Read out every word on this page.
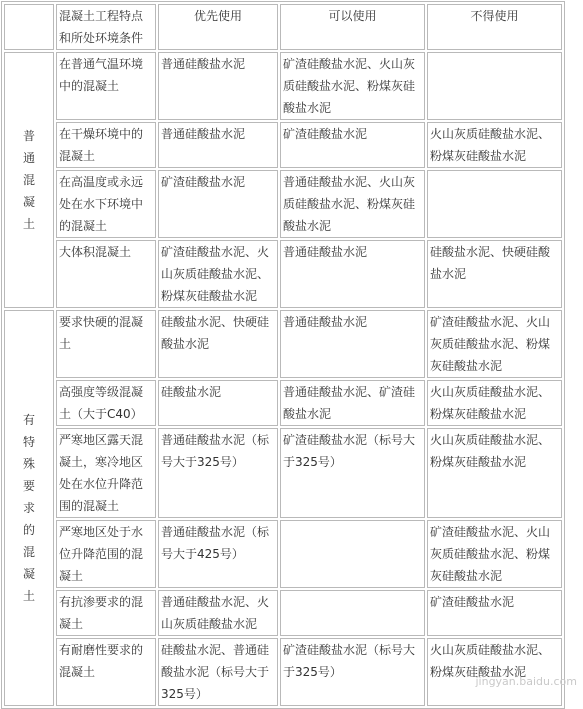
	混凝土工程特点和所处环境条件	优先使用	可以使用	不得使用

普通混凝土	在普通气温环境中的混凝土	普通硅酸盐水泥	矿渣硅酸盐水泥、火山灰质硅酸盐水泥、粉煤灰硅酸盐水泥	
	在干燥环境中的混凝土	普通硅酸盐水泥	矿渣硅酸盐水泥	火山灰质硅酸盐水泥、粉煤灰硅酸盐水泥
	在高温度或永远处在水下环境中的混凝土	矿渣硅酸盐水泥	普通硅酸盐水泥、火山灰质硅酸盐水泥、粉煤灰硅酸盐水泥	
	大体积混凝土	矿渣硅酸盐水泥、火山灰质硅酸盐水泥、粉煤灰硅酸盐水泥	普通硅酸盐水泥	硅酸盐水泥、快硬硅酸盐水泥

有特殊要求的混凝土	要求快硬的混凝土	硅酸盐水泥、快硬硅酸盐水泥	普通硅酸盐水泥	矿渣硅酸盐水泥、火山灰质硅酸盐水泥、粉煤灰硅酸盐水泥
	高强度等级混凝土（大于C40）	硅酸盐水泥	普通硅酸盐水泥、矿渣硅酸盐水泥	火山灰质硅酸盐水泥、粉煤灰硅酸盐水泥
	严寒地区露天混凝土，寒冷地区处在水位升降范围的混凝土	普通硅酸盐水泥（标号大于325号）	矿渣硅酸盐水泥（标号大于325号）	火山灰质硅酸盐水泥、粉煤灰硅酸盐水泥
	严寒地区处于水位升降范围的混凝土	普通硅酸盐水泥（标号大于425号）		矿渣硅酸盐水泥、火山灰质硅酸盐水泥、粉煤灰硅酸盐水泥
	有抗渗要求的混凝土	普通硅酸盐水泥、火山灰质硅酸盐水泥		矿渣硅酸盐水泥
	有耐磨性要求的混凝土	硅酸盐水泥、普通硅酸盐水泥（标号大于325号）	矿渣硅酸盐水泥（标号大于325号）	火山灰质硅酸盐水泥、粉煤灰硅酸盐水泥
jingyan.baidu.com
